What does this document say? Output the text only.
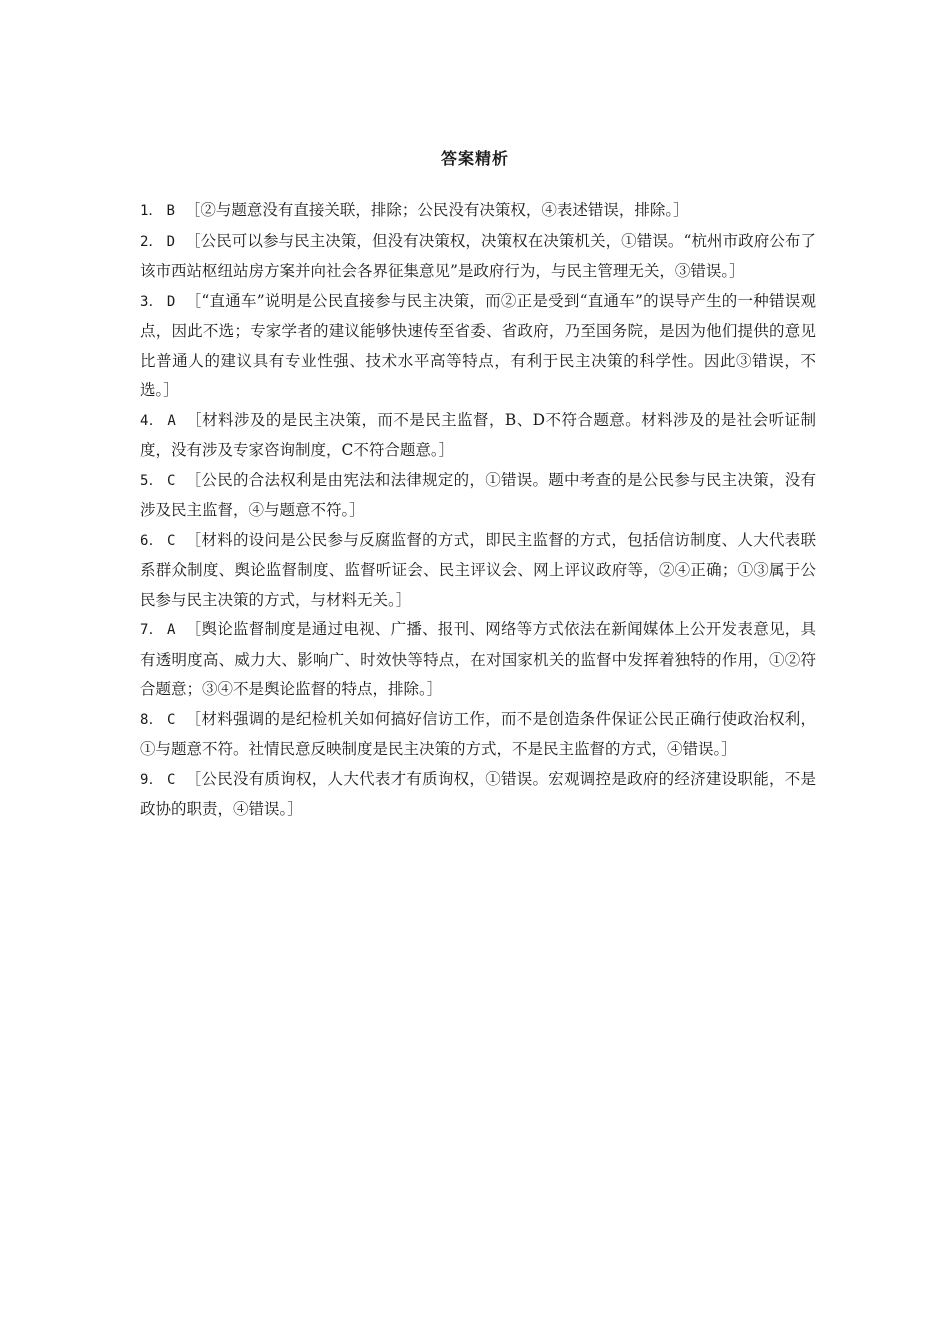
答案精析

1． B ［②与题意没有直接关联，排除；公民没有决策权，④表述错误，排除。］

2． D ［公民可以参与民主决策，但没有决策权，决策权在决策机关，①错误。“杭州市政府公布了该市西站枢纽站房方案并向社会各界征集意见”是政府行为，与民主管理无关，③错误。］

3． D ［“直通车”说明是公民直接参与民主决策，而②正是受到“直通车”的误导产生的一种错误观点，因此不选；专家学者的建议能够快速传至省委、省政府，乃至国务院，是因为他们提供的意见比普通人的建议具有专业性强、技术水平高等特点，有利于民主决策的科学性。因此③错误，不选。］

4． A ［材料涉及的是民主决策，而不是民主监督，B、D不符合题意。材料涉及的是社会听证制度，没有涉及专家咨询制度，C不符合题意。］

5． C ［公民的合法权利是由宪法和法律规定的，①错误。题中考查的是公民参与民主决策，没有涉及民主监督，④与题意不符。］

6． C ［材料的设问是公民参与反腐监督的方式，即民主监督的方式，包括信访制度、人大代表联系群众制度、舆论监督制度、监督听证会、民主评议会、网上评议政府等，②④正确；①③属于公民参与民主决策的方式，与材料无关。］

7． A ［舆论监督制度是通过电视、广播、报刊、网络等方式依法在新闻媒体上公开发表意见，具有透明度高、威力大、影响广、时效快等特点，在对国家机关的监督中发挥着独特的作用，①②符合题意；③④不是舆论监督的特点，排除。］

8． C ［材料强调的是纪检机关如何搞好信访工作，而不是创造条件保证公民正确行使政治权利，①与题意不符。社情民意反映制度是民主决策的方式，不是民主监督的方式，④错误。］

9． C ［公民没有质询权，人大代表才有质询权，①错误。宏观调控是政府的经济建设职能，不是政协的职责，④错误。］
